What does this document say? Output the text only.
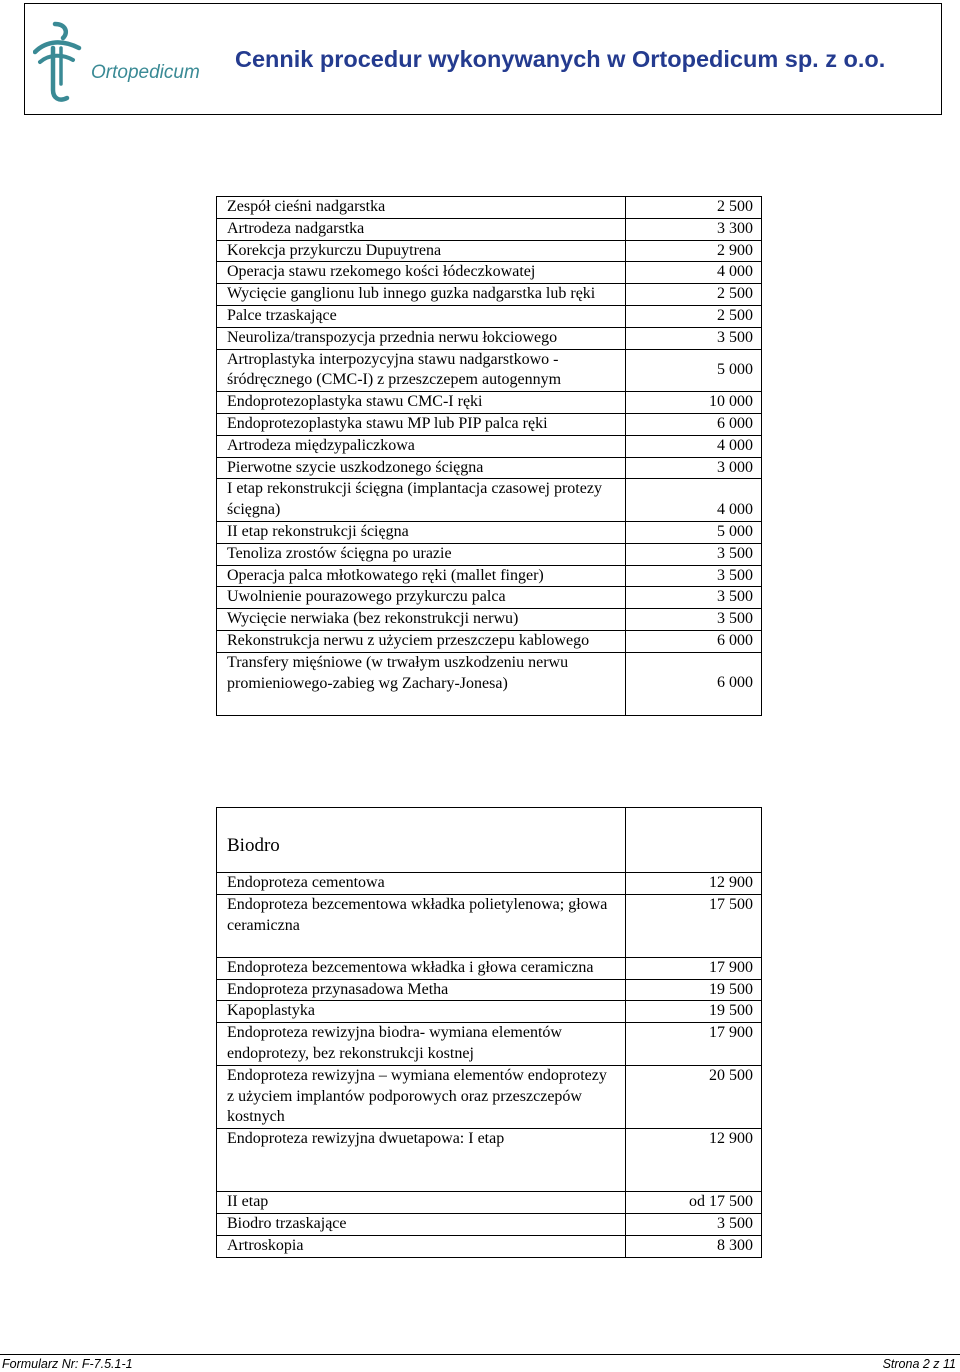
Ortopedicum
Cennik procedur wykonywanych w Ortopedicum sp. z o.o.
Zespół cieśni nadgarstka	2 500
Artrodeza nadgarstka	3 300
Korekcja przykurczu Dupuytrena	2 900
Operacja stawu rzekomego kości łódeczkowatej	4 000
Wycięcie ganglionu lub innego guzka nadgarstka lub ręki	2 500
Palce trzaskające	2 500
Neuroliza/transpozycja przednia nerwu łokciowego	3 500
Artroplastyka interpozycyjna stawu nadgarstkowo - śródręcznego (CMC-I) z przeszczepem autogennym	5 000
Endoprotezoplastyka stawu CMC-I ręki	10 000
Endoprotezoplastyka stawu MP lub PIP palca ręki	6 000
Artrodeza międzypaliczkowa	4 000
Pierwotne szycie uszkodzonego ścięgna	3 000
I etap rekonstrukcji ścięgna (implantacja czasowej protezy ścięgna)	4 000
II etap rekonstrukcji ścięgna	5 000
Tenoliza zrostów ścięgna po urazie	3 500
Operacja palca młotkowatego ręki (mallet finger)	3 500
Uwolnienie pourazowego przykurczu palca	3 500
Wycięcie nerwiaka (bez rekonstrukcji nerwu)	3 500
Rekonstrukcja nerwu z użyciem przeszczepu kablowego	6 000
Transfery mięśniowe (w trwałym uszkodzeniu nerwu promieniowego-zabieg wg Zachary-Jonesa)	6 000
Biodro	
Endoproteza cementowa	12 900
Endoproteza bezcementowa wkładka polietylenowa; głowa ceramiczna	17 500
Endoproteza bezcementowa wkładka i głowa ceramiczna	17 900
Endoproteza przynasadowa Metha	19 500
Kapoplastyka	19 500
Endoproteza rewizyjna biodra- wymiana elementów endoprotezy, bez rekonstrukcji kostnej	17 900
Endoproteza rewizyjna – wymiana elementów endoprotezy z użyciem implantów podporowych oraz przeszczepów kostnych	20 500
Endoproteza rewizyjna dwuetapowa: I etap	12 900
II etap	od 17 500
Biodro trzaskające	3 500
Artroskopia	8 300
Formularz Nr: F-7.5.1-1	Strona 2 z 11
